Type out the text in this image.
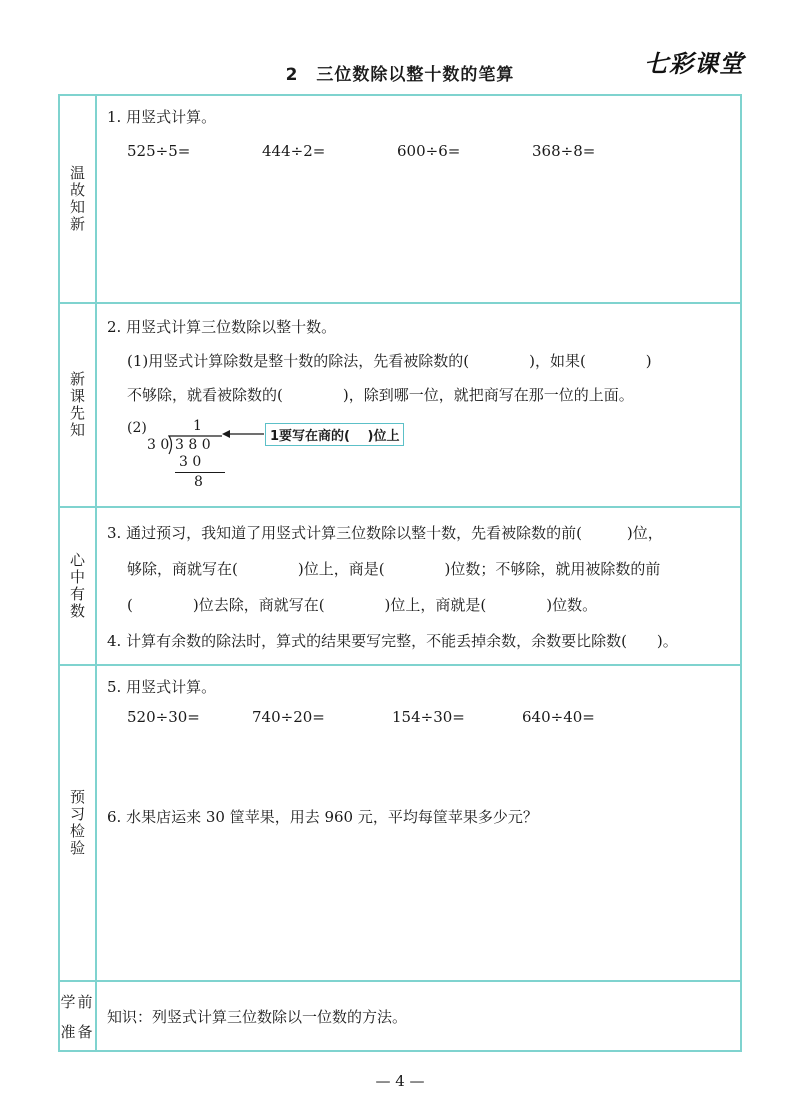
2 三位数除以整十数的笔算	七彩课堂
温故知新
1. 用竖式计算。
525÷5=	444÷2=	600÷6=	368÷8=
新课先知
2. 用竖式计算三位数除以整十数。
(1)用竖式计算除数是整十数的除法，先看被除数的(　　　　)，如果(　　　　)
不够除，就看被除数的(　　　　)，除到哪一位，就把商写在那一位的上面。
(2)	1
3 0 3 8 0
3 0
8
1要写在商的(　 )位上
心中有数
3. 通过预习，我知道了用竖式计算三位数除以整十数，先看被除数的前(　　　)位，
够除，商就写在(　　　　)位上，商是(　　　　)位数；不够除，就用被除数的前
(　　　　)位去除，商就写在(　　　　)位上，商就是(　　　　)位数。
4. 计算有余数的除法时，算式的结果要写完整，不能丢掉余数，余数要比除数(　　)。
预习检验
5. 用竖式计算。
520÷30=	740÷20=	154÷30=	640÷40=
6. 水果店运来 30 筐苹果，用去 960 元，平均每筐苹果多少元？
学前
准备
知识：列竖式计算三位数除以一位数的方法。
— 4 —
